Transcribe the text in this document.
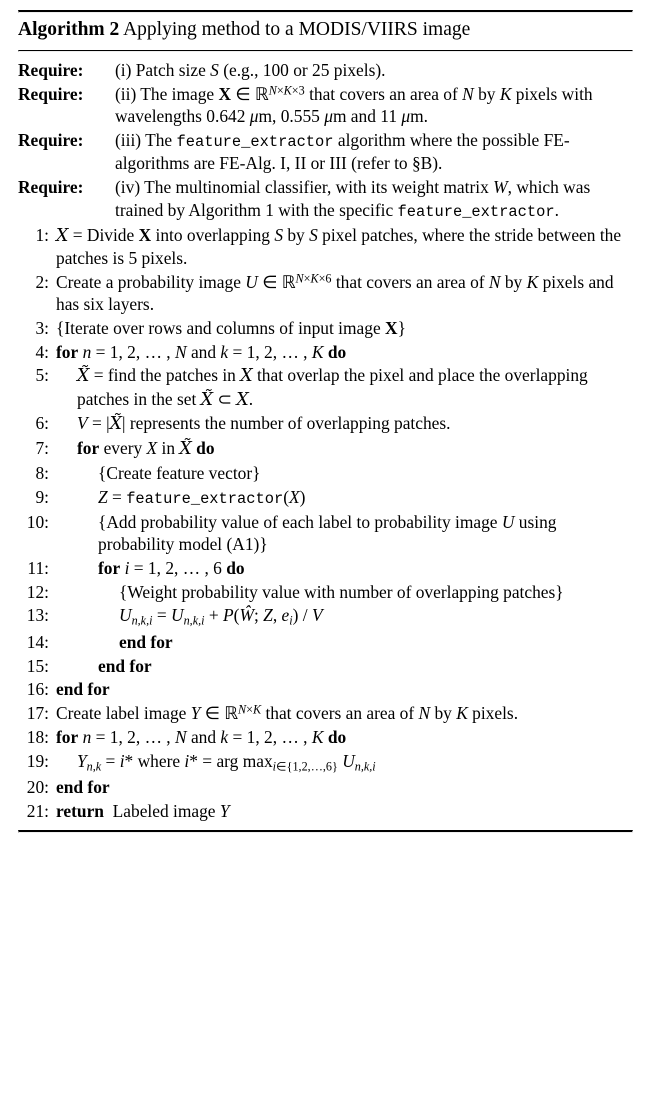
Algorithm 2 Applying method to a MODIS/VIIRS image
Require:	(i) Patch size S (e.g., 100 or 25 pixels).
Require:	(ii) The image X ∈ ℝ$^{N\times K\times 3}$ that covers an area of N by K pixels with wavelengths 0.642 μm, 0.555 μm and 11 μm.
Require:	(iii) The feature_extractor algorithm where the possible FE-algorithms are FE-Alg. I, II or III (refer to §B).
Require:	(iv) The multinomial classifier, with its weight matrix W, which was trained by Algorithm 1 with the specific feature_extractor.
1: X = Divide X into overlapping S by S pixel patches, where the stride between the patches is 5 pixels.
2: Create a probability image U ∈ ℝ$^{N\times K\times 6}$ that covers an area of N by K pixels and has six layers.
3: {Iterate over rows and columns of input image X}
4: for n = 1, 2, … , N and k = 1, 2, … , K do
5:	X̃ = find the patches in X that overlap the pixel and place the overlapping patches in the set X̃ ⊂ X.
6:	V = |X̃| represents the number of overlapping patches.
7:	for every X in X̃ do
8:	{Create feature vector}
9:	Z = feature_extractor(X)
10:	{Add probability value of each label to probability image U using probability model (A1)}
11:	for i = 1, 2, … , 6 do
12:	{Weight probability value with number of overlapping patches}
13:	$U_{n,k,i} = U_{n,k,i}$ + P(Ŵ; Z, $e_i$) / V
14:	end for
15:	end for
16: end for
17: Create label image Y ∈ ℝ$^{N\times K}$ that covers an area of N by K pixels.
18: for n = 1, 2, … , N and k = 1, 2, … , K do
19:	$Y_{n,k} = i*$ where i* = arg $\max_{i\in\{1,2,\dots,6\}} U_{n,k,i}$
20: end for
21: return  Labeled image Y
